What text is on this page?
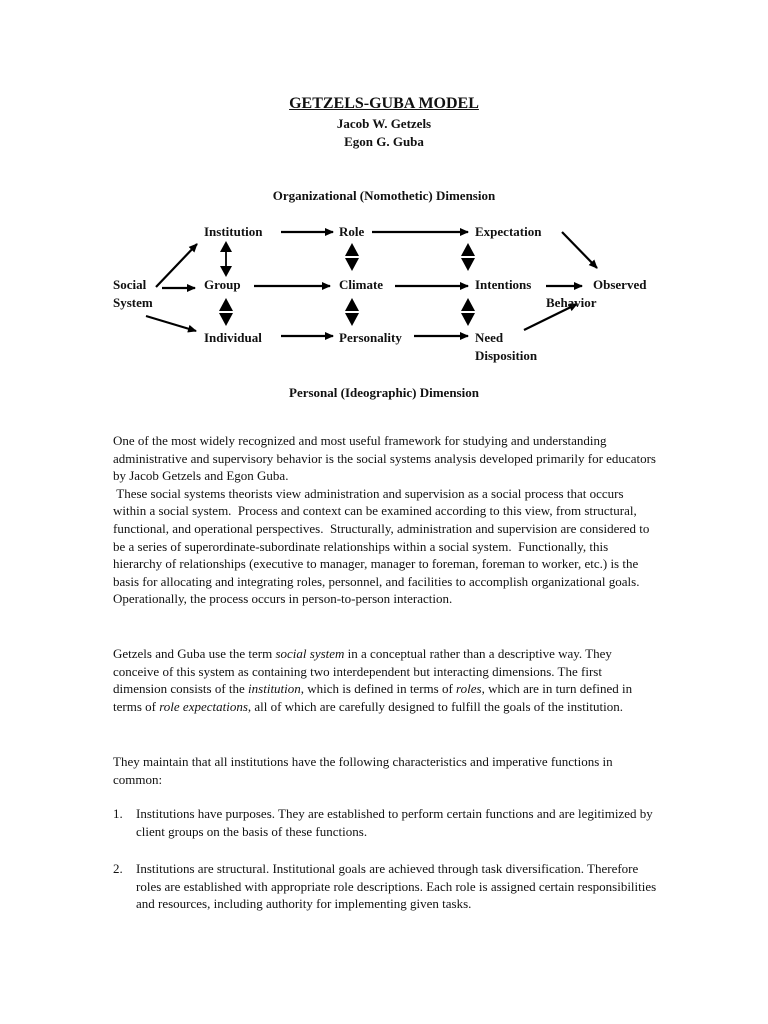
GETZELS-GUBA MODEL
Jacob W. Getzels
Egon G. Guba
Organizational (Nomothetic) Dimension
Social
System
Institution	Role	Expectation
Group	Climate	Intentions	Observed
Behavior
Individual	Personality	Need
Disposition
Personal (Ideographic) Dimension

One of the most widely recognized and most useful framework for studying and understanding administrative and supervisory behavior is the social systems analysis developed primarily for educators by Jacob Getzels and Egon Guba.

These social systems theorists view administration and supervision as a social process that occurs within a social system.  Process and context can be examined according to this view, from structural, functional, and operational perspectives.  Structurally, administration and supervision are considered to be a series of superordinate-subordinate relationships within a social system.  Functionally, this hierarchy of relationships (executive to manager, manager to foreman, foreman to worker, etc.) is the basis for allocating and integrating roles, personnel, and facilities to accomplish organizational goals.  Operationally, the process occurs in person-to-person interaction.

Getzels and Guba use the term social system in a conceptual rather than a descriptive way. They conceive of this system as containing two interdependent but interacting dimensions. The first dimension consists of the institution, which is defined in terms of roles, which are in turn defined in terms of role expectations, all of which are carefully designed to fulfill the goals of the institution.

They maintain that all institutions have the following characteristics and imperative functions in common:
1. Institutions have purposes. They are established to perform certain functions and are legitimized by client groups on the basis of these functions.
2. Institutions are structural. Institutional goals are achieved through task diversification. Therefore roles are established with appropriate role descriptions. Each role is assigned certain responsibilities and resources, including authority for implementing given tasks.
